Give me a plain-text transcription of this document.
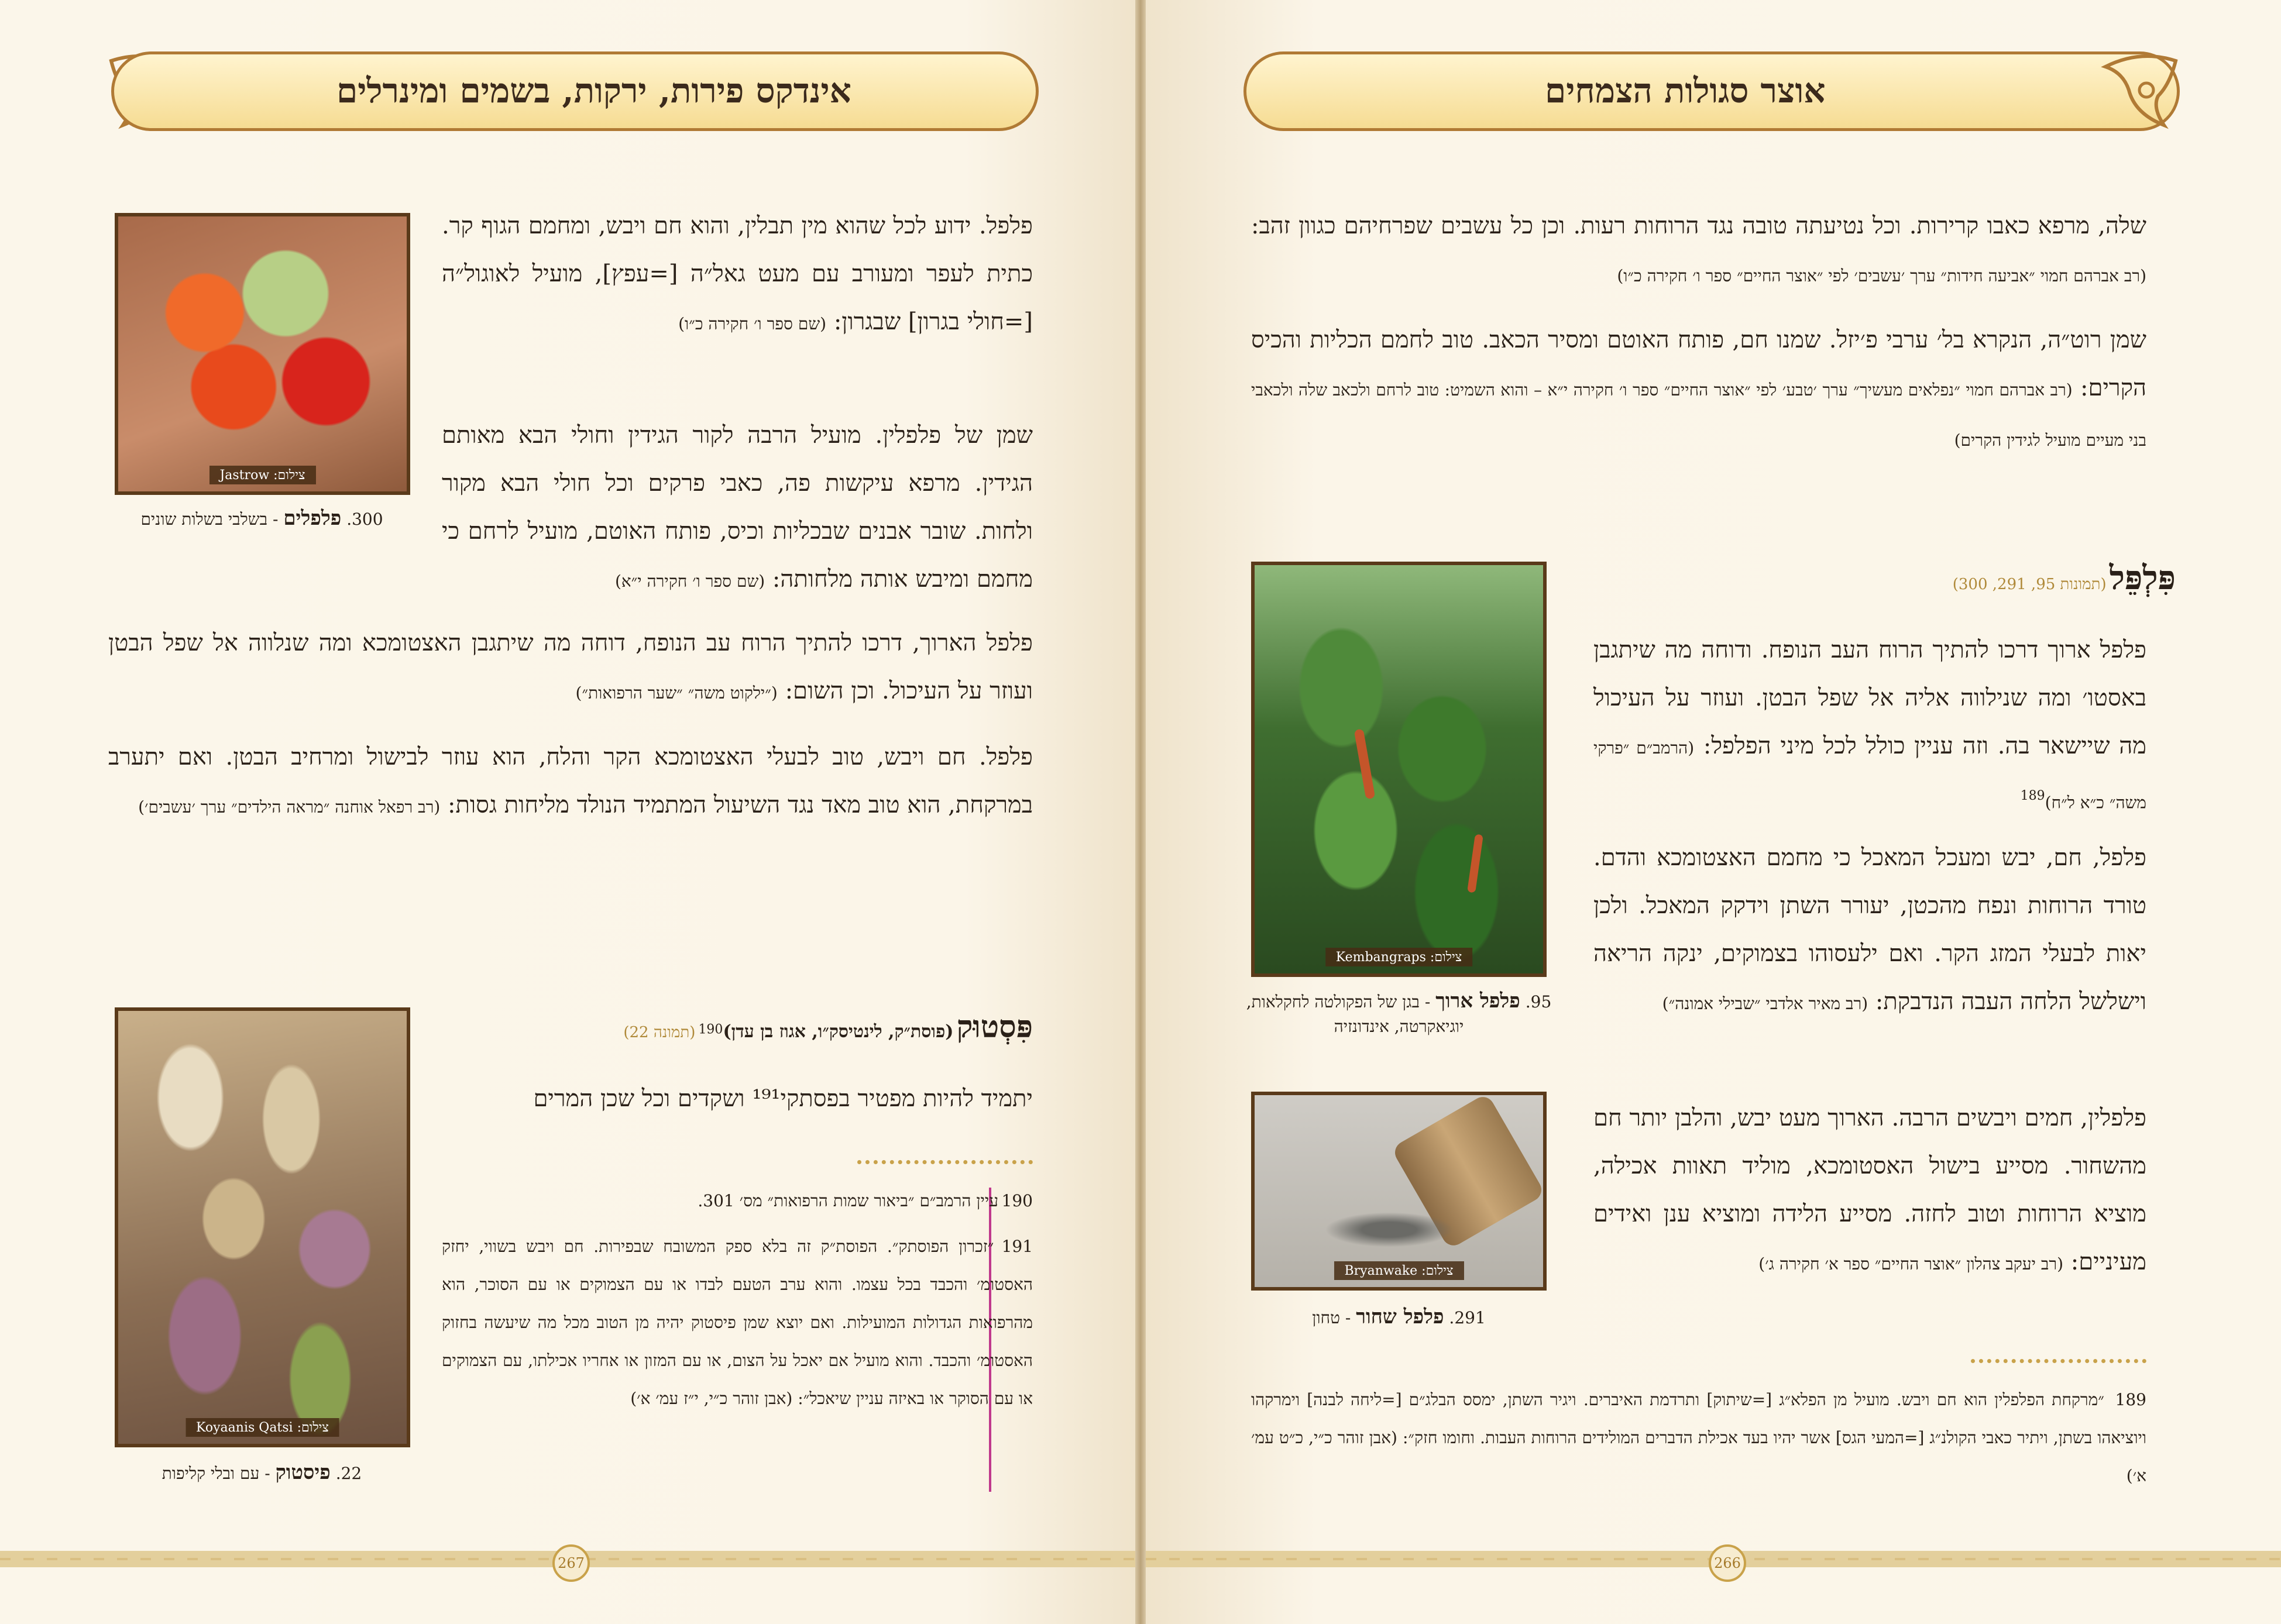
אינדקס פירות, ירקות, בשמים ומינרלים
צילום: Jastrow
300. פלפלים - בשלבי בשלות שונים
פלפל. ידוע לכל שהוא מין תבלין, והוא חם ויבש, ומחמם הגוף קר. כתית לעפר ומעורב עם מעט גאל״ה [=עפץ], מועיל לאוגול״ה [=חולי בגרון] שבגרון: (שם ספר ו׳ חקירה כ״ו)
שמן של פלפלין. מועיל הרבה לקור הגידין וחולי הבא מאותם הגידין. מרפא עיקשות פה, כאבי פרקים וכל חולי הבא מקור ולחות. שובר אבנים שבכליות וכיס, פותח האוטם, מועיל לרחם כי מחמם ומיבש אותה מלחותה: (שם ספר ו׳ חקירה י״א)
פלפל הארוך, דרכו להתיך הרוח עב הנופח, דוחה מה שיתגבן האצטומכא ומה שנלווה אל שפל הבטן ועוזר על העיכול. וכן השום: (״ילקוט משה״ ״שער הרפואות״)
פלפל. חם ויבש, טוב לבעלי האצטומכא הקר והלח, הוא עוזר לבישול ומרחיב הבטן. ואם יתערב במרקחת, הוא טוב מאד נגד השיעול המתמיד הנולד מליחות גסות: (רב רפאל אוחנה ״מראה הילדים״ ערך ׳עשבים׳)
צילום: Koyaanis Qatsi
22. פיסטוק - עם ובלי קליפות
פִּסְטוּק (פוסת״ק, לינטיסק״ו, אגוז בן עדן)$^{190}$ (תמונה 22)
יתמיד להיות מפטיר בפסתקי¹⁹¹ ושקדים וכל שכן המרים
190 עיין הרמב״ם ״ביאור שמות הרפואות״ מס׳ 301.
191 ״זכרון הפוסתק״. הפוסת״ק זה בלא ספק המשובח שבפירות. חם ויבש בשווי, יחזק האסטומ׳ והכבד בכל עצמו. והוא ערב הטעם לבדו או עם הצמוקים או עם הסוכר, הוא מהרפואות הגדולות המועילות. ואם יוצא שמן פיסטוק יהיה מן הטוב מכל מה שיעשה בחזוק האסטומ׳ והכבד. והוא מועיל אם יאכל על הצום, או עם המזון או אחריו אכילתו, עם הצמוקים או עם הסוקר או באיזה עניין שיאכל״: (אבן זוהר כ״י, י״ז עמ׳ א׳)
267
אוצר סגולות הצמחים
שלה, מרפא כאבו קרירות. וכל נטיעתה טובה נגד הרוחות רעות. וכן כל עשבים שפרחיהם כגוון זהב: (רב אברהם חמוי ״אביעה חידות״ ערך ׳עשבים׳ לפי ״אוצר החיים״ ספר ו׳ חקירה כ״ו)
שמן רוט״ה, הנקרא בל׳ ערבי פ׳יזל. שמנו חם, פותח האוטם ומסיר הכאב. טוב לחמם הכליות והכיס הקרים: (רב אברהם חמוי ״נפלאים מעשיך״ ערך ׳טבע׳ לפי ״אוצר החיים״ ספר ו׳ חקירה י״א – והוא השמיט: טוב לרחם ולכאב שלה ולכאבי בני מעיים מועיל לגידין הקרים)
צילום: Kembangraps
95. פלפל ארוך - בגן של הפקולטה לחקלאות, יוגיאקרטה, אינדונזיה
צילום: Bryanwake
291. פלפל שחור - טחון
פִּלְפֵּל (תמונות 95, 291, 300)
פלפל ארוך דרכו להתיך הרוח העב הנופח. ודוחה מה שיתגבן באסטו׳ ומה שנילווה אליה אל שפל הבטן. ועוזר על העיכול מה שיישאר בה. וזה עניין כולל לכל מיני הפלפל: (הרמב״ם ״פרקי משה״ כ״א ל״ח)$^{189}$
פלפל, חם, יבש ומעכל המאכל כי מחמם האצטומכא והדם. טורד הרוחות ונפח מהכטן, יעורר השתן וידקק המאכל. ולכן יאות לבעלי המזג הקר. ואם ילעסוהו בצמוקים, ינקה הריאה וישלשל הלחה העבה הנדבקת: (רב מאיר אלדבי ״שבילי אמונה״)
פלפלין, חמים ויבשים הרבה. הארוך מעט יבש, והלבן יותר חם מהשחור. מסייע בישול האסטומכא, מוליד תאוות אכילה, מוציא הרוחות וטוב לחזה. מסייע הלידה ומוציא ענן ואידים מעיניים: (רב יעקב צהלון ״אוצר החיים״ ספר א׳ חקירה ג׳)
189 ״מרקחת הפלפלין הוא חם ויבש. מועיל מן הפלא״ג [=שיתוק] ותרדמת האיברים. ויגיר השתן, ימסס הבלג״ם [=ליחה לבנה] וימרקהו ויוציאהו בשתן, ויתיר כאבי הקולנ״ג [=המעי הגס] אשר יהיו בעד אכילת הדברים המולידים הרוחות העבות. וחומו חזק״: (אבן זוהר כ״י, כ״ט עמ׳ א׳)
266
